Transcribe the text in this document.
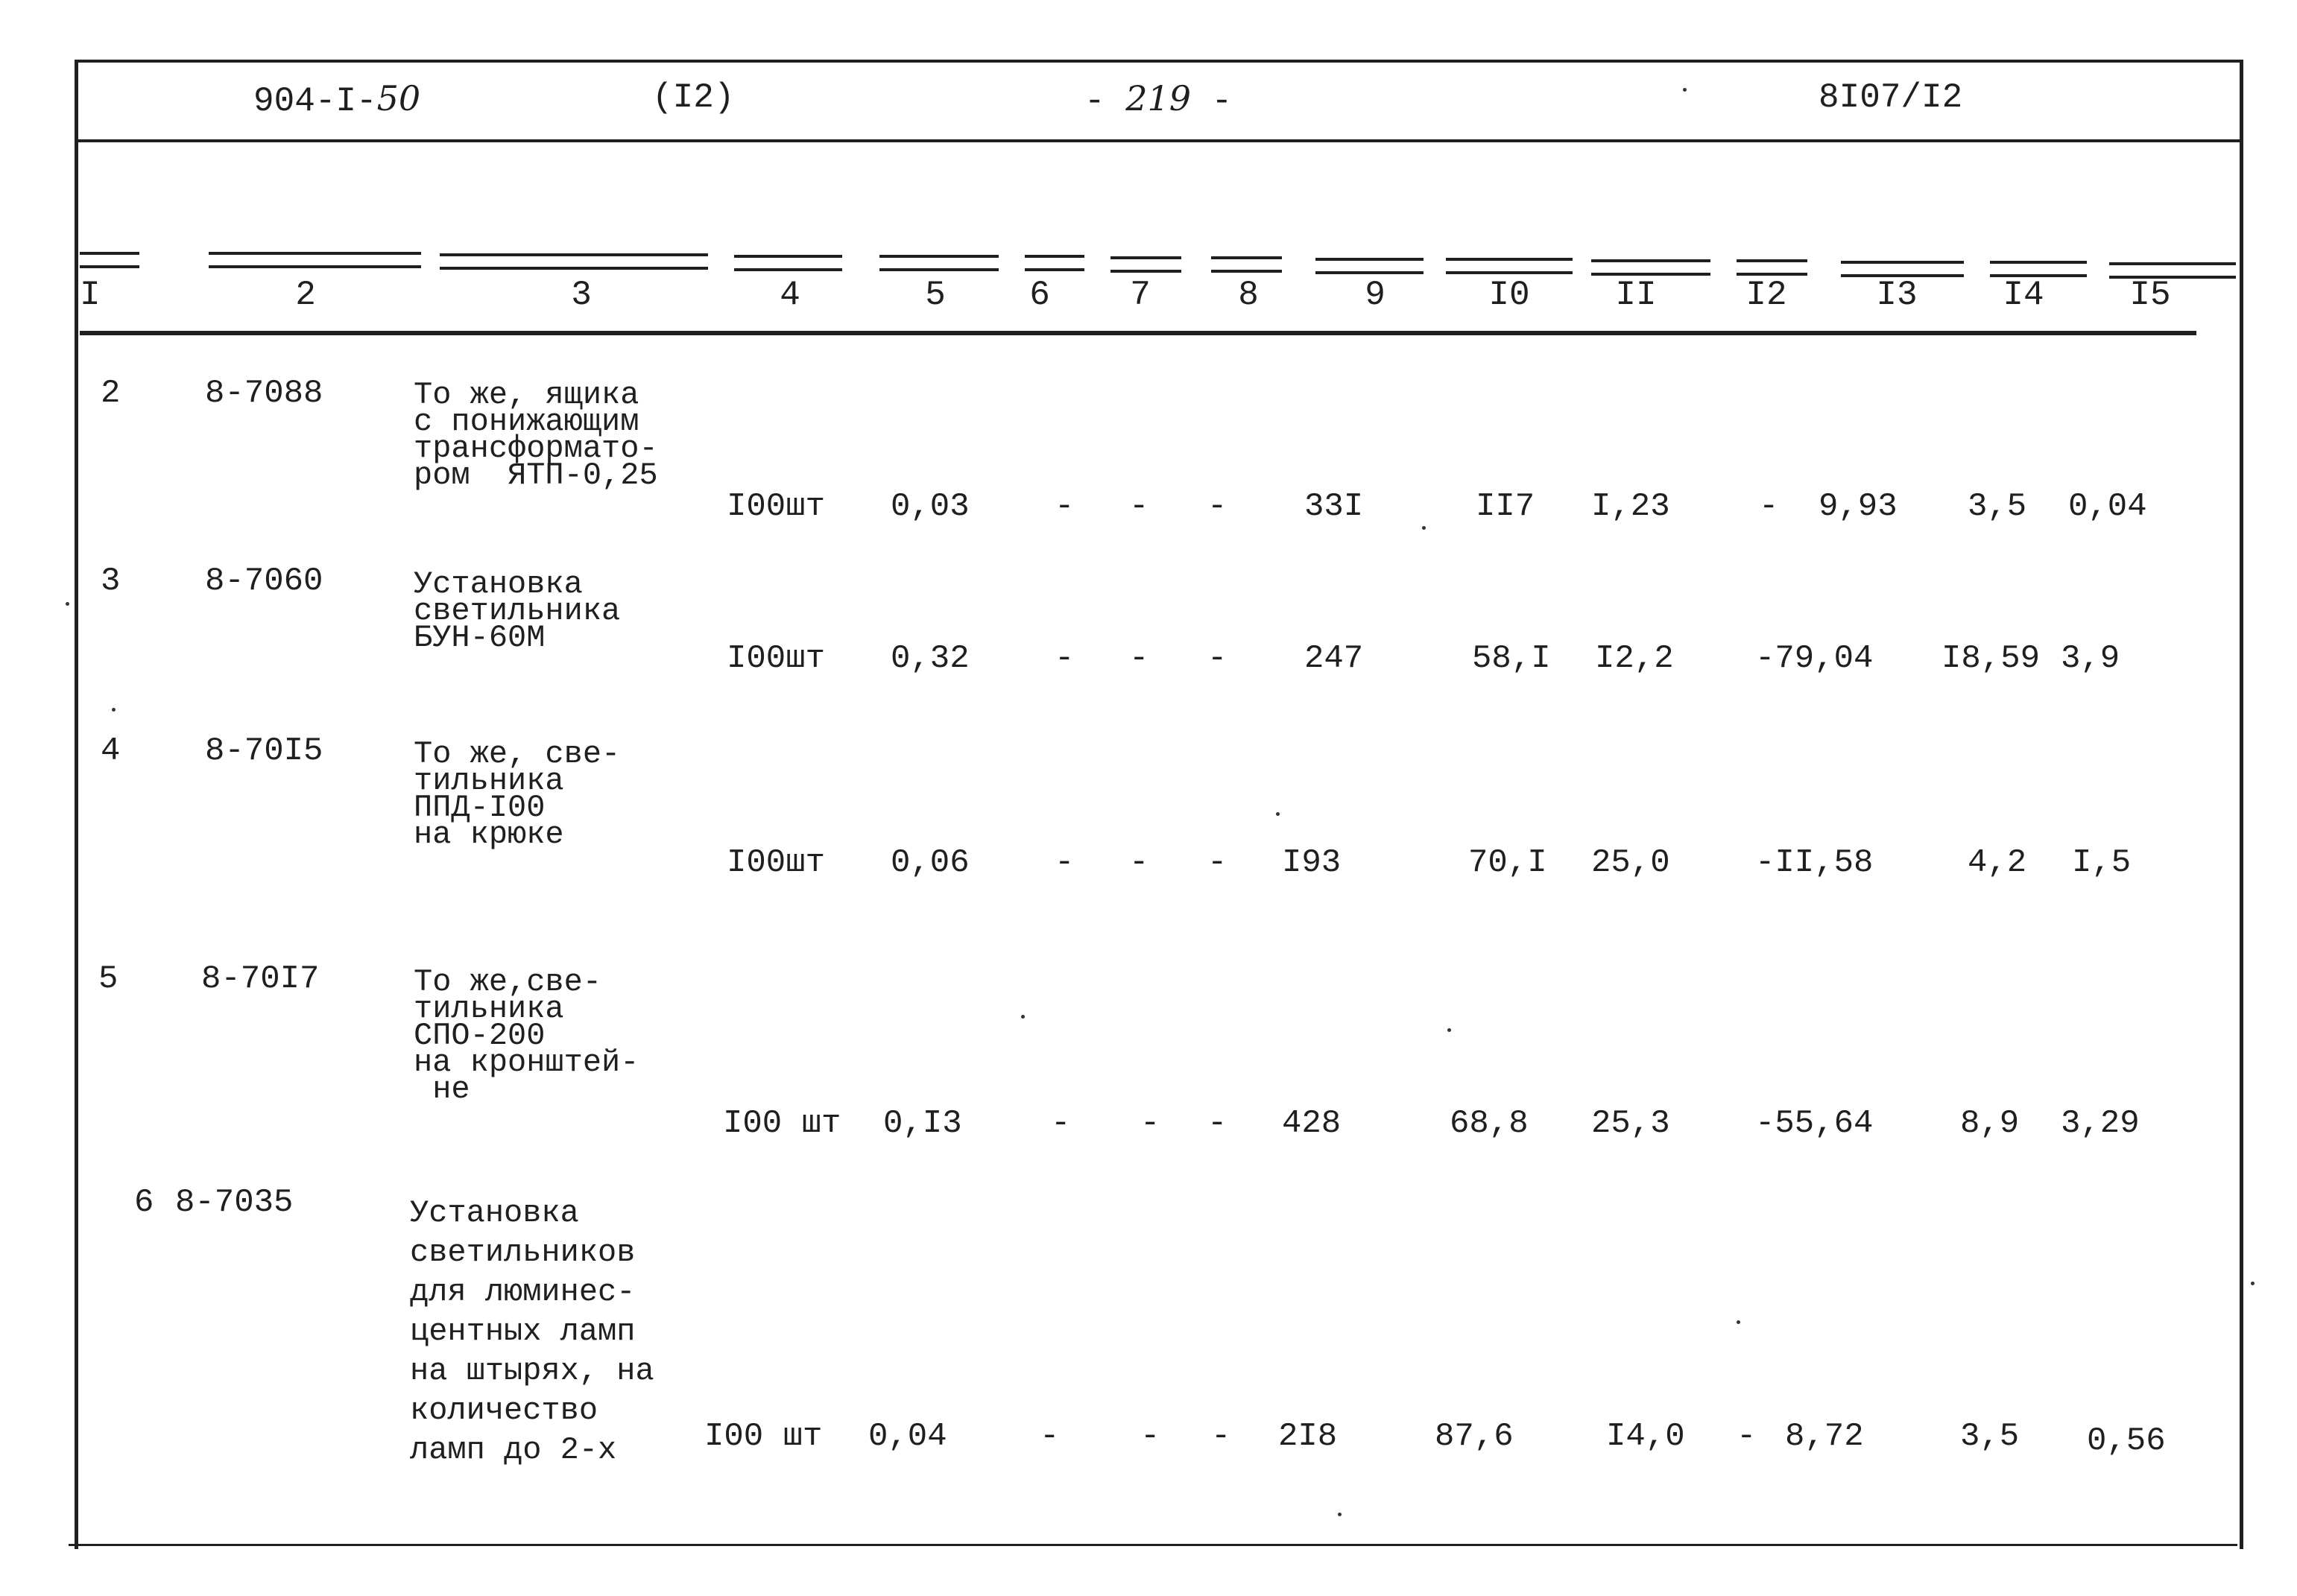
904-I-50	(I2)	- 219 -	8I07/I2
I	2	3	4	5	6	7	8	9	I0	II	I2	I3	I4	I5
2	8-7088	То же, ящика
с понижающим
трансформато-
ром  ЯТП-0,25
I00шт 0,03	- - - 33I	II7 I,23	- 9,93 3,5 0,04
3	8-7060	Установка
светильника
БУН-60М
I00шт 0,32	- - - 247	58,I I2,2 -79,04 I8,59 3,9
4	8-70I5	То же, све-
тильника
ППД-I00
на крюке
I00шт 0,06	- - - I93	70,I 25,0	-II,58	4,2 I,5
5	8-70I7	То же,све-
тильника
СПО-200
на кронштей-
не
I00 шт 0,I3	- - - 428	68,8 25,3	-55,64	8,9 3,29
6 8-7035	Установка
светильников
для люминес-
центных ламп
на штырях, на
количество
ламп до 2-х	I00 шт 0,04	- - - 2I8	87,6	I4,0 - 8,72	3,5 0,56
